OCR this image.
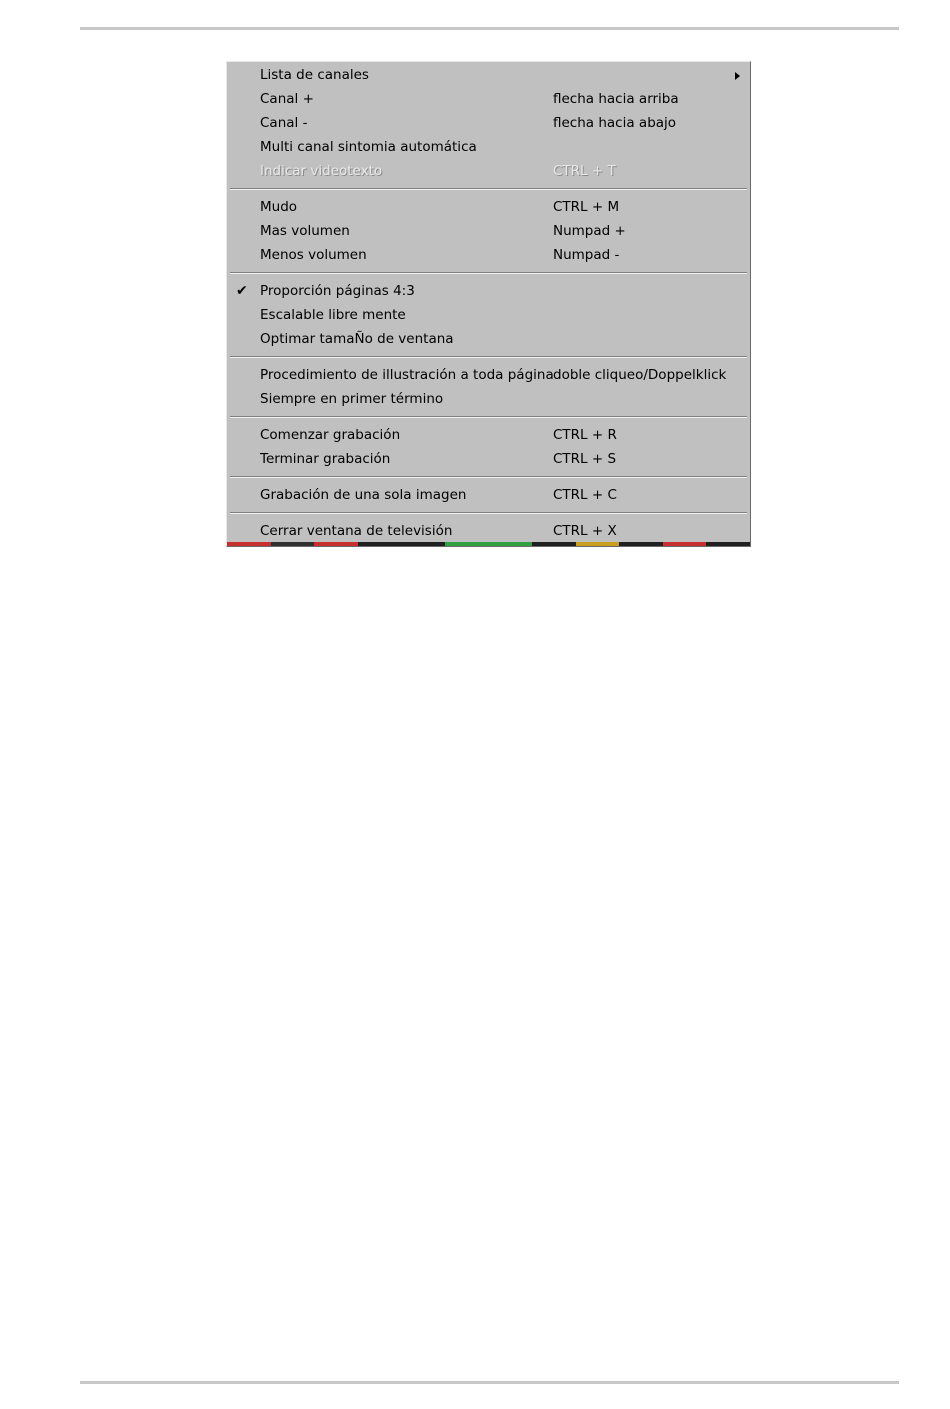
Lista de canales
Canal +	flecha hacia arriba
Canal -	flecha hacia abajo
Multi canal sintomia automática
Indicar videotexto	CTRL + T
Mudo	CTRL + M
Mas volumen	Numpad +
Menos volumen	Numpad -
✔ Proporción páginas 4:3
Escalable libre mente
Optimar tamaÑo de ventana
Procedimiento de illustración a toda página doble cliqueo/Doppelklick
Siempre en primer término
Comenzar grabación	CTRL + R
Terminar grabación	CTRL + S
Grabación de una sola imagen	CTRL + C
Cerrar ventana de televisión	CTRL + X
